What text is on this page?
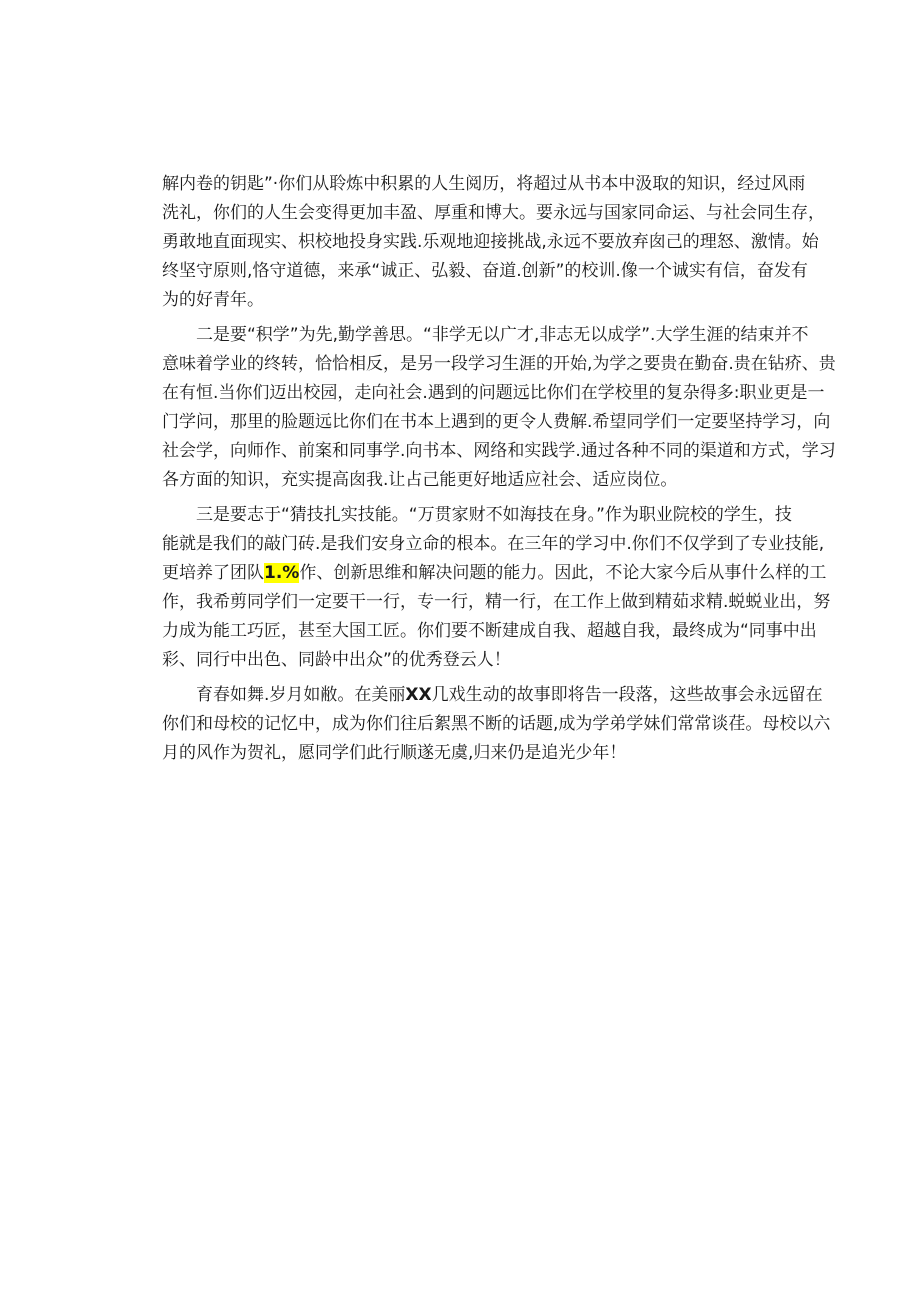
解内卷的钥匙”·你们从聆炼中积累的人生阅历，将超过从书本中汲取的知识，经过风雨
洗礼，你们的人生会变得更加丰盈、厚重和博大。要永远与国家同命运、与社会同生存，
勇敢地直面现实、枳校地投身实践.乐观地迎接挑战,永远不要放弃囱己的理怒、激情。始
终坚守原则,恪守道德，来承“诚正、弘毅、奋道.创新”的校训.像一个诚实有信，奋发有
为的好青年。
二是要“积学”为先,勤学善思。“非学无以广才,非志无以成学”.大学生涯的结束并不
意味着学业的终转，恰恰相反，是另一段学习生涯的开始,为学之要贵在勤奋.贵在钻疥、贵
在有恒.当你们迈出校园，走向社会.遇到的问题远比你们在学校里的复杂得多:职业更是一
门学问，那里的脸题远比你们在书本上遇到的更令人费解.希望同学们一定要坚持学习，向
社会学，向师作、前案和同事学.向书本、网络和实践学.通过各种不同的渠道和方式，学习
各方面的知识，充实提高囱我.让占己能更好地适应社会、适应岗位。
三是要志于“猜技扎实技能。“万贯家财不如海技在身。”作为职业院校的学生，技
能就是我们的敲门砖.是我们安身立命的根本。在三年的学习中.你们不仅学到了专业技能,
更培养了团队1.%作、创新思维和解决问题的能力。因此，不论大家今后从事什么样的工
作，我希剪同学们一定要干一行，专一行，精一行，在工作上做到精茹求精.蜕蜕业出，努
力成为能工巧匠，甚至大国工匠。你们要不断建成自我、超越自我，最终成为“同事中出
彩、同行中出色、同龄中出众”的优秀登云人！
育春如舞.岁月如敝。在美丽XX几戏生动的故事即将告一段落，这些故事会永远留在
你们和母校的记忆中，成为你们往后絮黑不断的话题,成为学弟学妹们常常谈荏。母校以六
月的风作为贺礼，愿同学们此行顺遂无虞,归来仍是追光少年！
